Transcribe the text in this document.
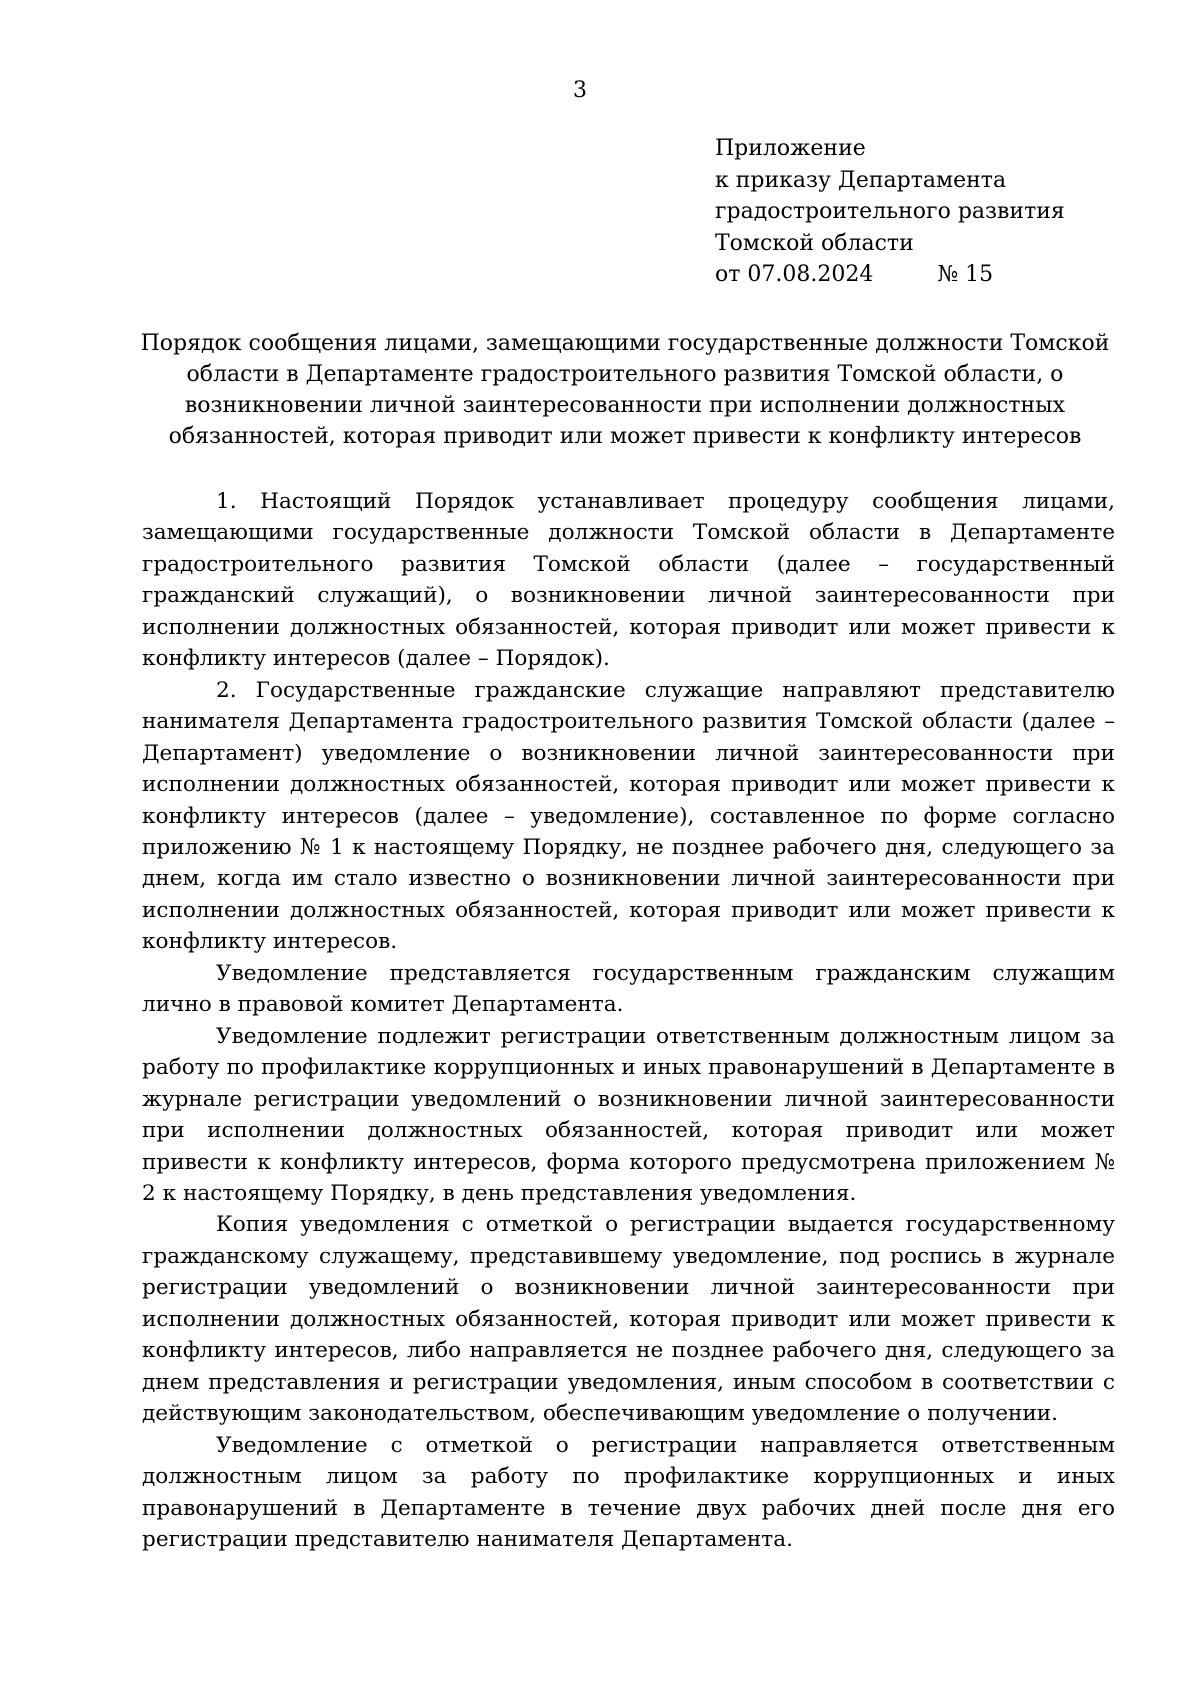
3
Приложение
к приказу Департамента
градостроительного развития
Томской области
от 07.08.2024	№ 15
Порядок сообщения лицами, замещающими государственные должности Томской области в Департаменте градостроительного развития Томской области, о возникновении личной заинтересованности при исполнении должностных обязанностей, которая приводит или может привести к конфликту интересов

1. Настоящий Порядок устанавливает процедуру сообщения лицами, замещающими государственные должности Томской области в Департаменте градостроительного развития Томской области (далее – государственный гражданский служащий), о возникновении личной заинтересованности при исполнении должностных обязанностей, которая приводит или может привести к конфликту интересов (далее – Порядок).

2. Государственные гражданские служащие направляют представителю нанимателя Департамента градостроительного развития Томской области (далее – Департамент) уведомление о возникновении личной заинтересованности при исполнении должностных обязанностей, которая приводит или может привести к конфликту интересов (далее – уведомление), составленное по форме согласно приложению № 1 к настоящему Порядку, не позднее рабочего дня, следующего за днем, когда им стало известно о возникновении личной заинтересованности при исполнении должностных обязанностей, которая приводит или может привести к конфликту интересов.

Уведомление представляется государственным гражданским служащим лично в правовой комитет Департамента.

Уведомление подлежит регистрации ответственным должностным лицом за работу по профилактике коррупционных и иных правонарушений в Департаменте в журнале регистрации уведомлений о возникновении личной заинтересованности при исполнении должностных обязанностей, которая приводит или может привести к конфликту интересов, форма которого предусмотрена приложением № 2 к настоящему Порядку, в день представления уведомления.

Копия уведомления с отметкой о регистрации выдается государственному гражданскому служащему, представившему уведомление, под роспись в журнале регистрации уведомлений о возникновении личной заинтересованности при исполнении должностных обязанностей, которая приводит или может привести к конфликту интересов, либо направляется не позднее рабочего дня, следующего за днем представления и регистрации уведомления, иным способом в соответствии с действующим законодательством, обеспечивающим уведомление о получении.

Уведомление с отметкой о регистрации направляется ответственным должностным лицом за работу по профилактике коррупционных и иных правонарушений в Департаменте в течение двух рабочих дней после дня его регистрации представителю нанимателя Департамента.
